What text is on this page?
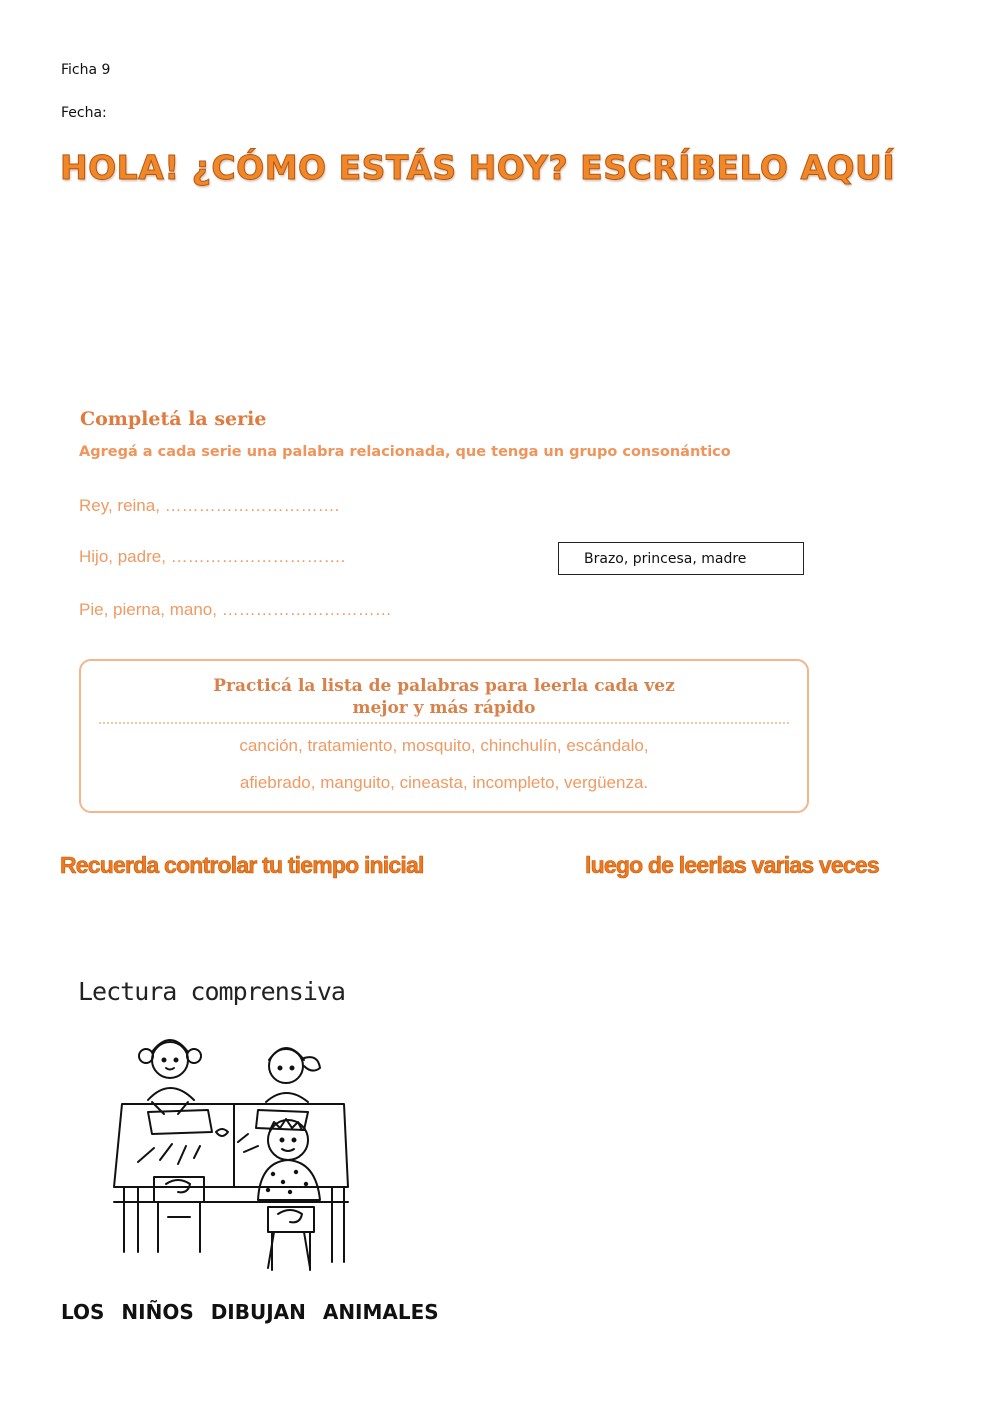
Ficha 9
Fecha:
HOLA! ¿CÓMO ESTÁS HOY? ESCRÍBELO AQUÍ
Completá la serie
Agregá a cada serie una palabra relacionada, que tenga un grupo consonántico
Rey, reina, ………………………….
Hijo, padre, ………………………….
Pie, pierna, mano, …………………………
Brazo, princesa, madre
Practicá la lista de palabras para leerla cada vez
mejor y más rápido
canción, tratamiento, mosquito, chinchulín, escándalo,
afiebrado, manguito, cineasta, incompleto, vergüenza.
Recuerda controlar tu tiempo inicial	luego de leerlas varias veces
Lectura comprensiva
LOS NIÑOS DIBUJAN ANIMALES
